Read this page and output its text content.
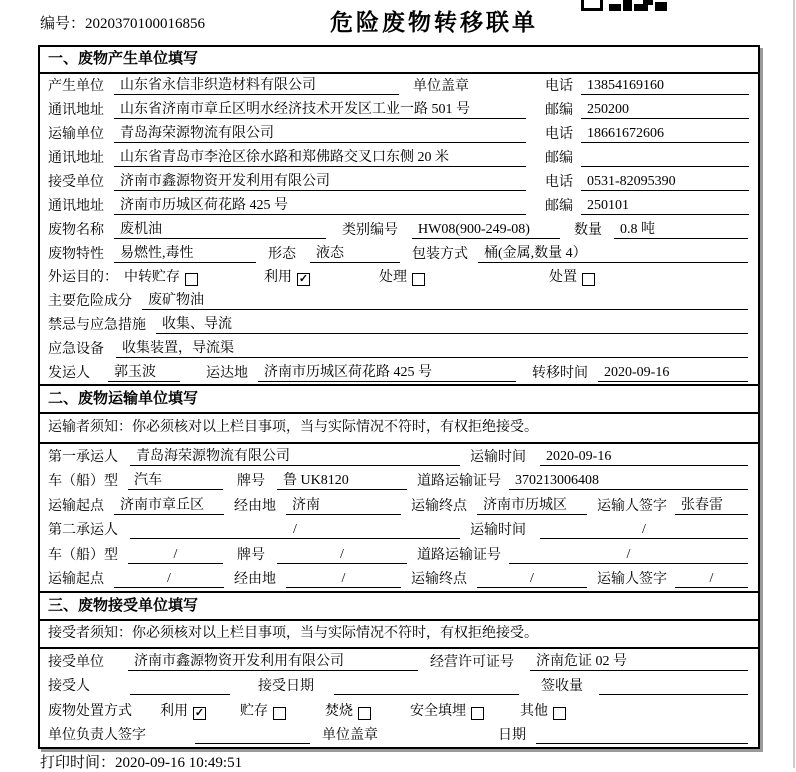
编号：2020370100016856	危险废物转移联单
一、废物产生单位填写
产生单位	山东省永信非织造材料有限公司	单位盖章	电话	13854169160
通讯地址	山东省济南市章丘区明水经济技术开发区工业一路 501 号	邮编	250200
运输单位	青岛海荣源物流有限公司	电话	18661672606
通讯地址	山东省青岛市李沧区徐水路和郑佛路交叉口东侧 20 米	邮编
接受单位	济南市鑫源物资开发利用有限公司	电话	0531-82095390
通讯地址	济南市历城区荷花路 425 号	邮编	250101
废物名称	废机油	类别编号	HW08(900-249-08)	数量	0.8 吨
废物特性	易燃性,毒性	形态	液态	包装方式	桶(金属,数量 4）
外运目的： 中转贮存	利用 ✓	处理	处置
主要危险成分	废矿物油
禁忌与应急措施	收集、导流
应急设备	收集装置，导流渠
发运人	郭玉波	运达地	济南市历城区荷花路 425 号	转移时间	2020-09-16
二、废物运输单位填写
运输者须知：你必须核对以上栏目事项，当与实际情况不符时，有权拒绝接受。
第一承运人	青岛海荣源物流有限公司	运输时间	2020-09-16
车（船）型	汽车	牌号	鲁 UK8120	道路运输证号	370213006408
运输起点	济南市章丘区	经由地	济南	运输终点	济南市历城区	运输人签字	张春雷
第二承运人	/	运输时间	/
车（船）型	/	牌号	/	道路运输证号	/
运输起点	/	经由地	/	运输终点	/	运输人签字	/
三、废物接受单位填写
接受者须知：你必须核对以上栏目事项，当与实际情况不符时，有权拒绝接受。
接受单位	济南市鑫源物资开发利用有限公司	经营许可证号	济南危证 02 号
接受人	接受日期	签收量
废物处置方式 利用 ✓	贮存	焚烧	安全填埋	其他
单位负责人签字	单位盖章	日期
打印时间：2020-09-16 10:49:51
